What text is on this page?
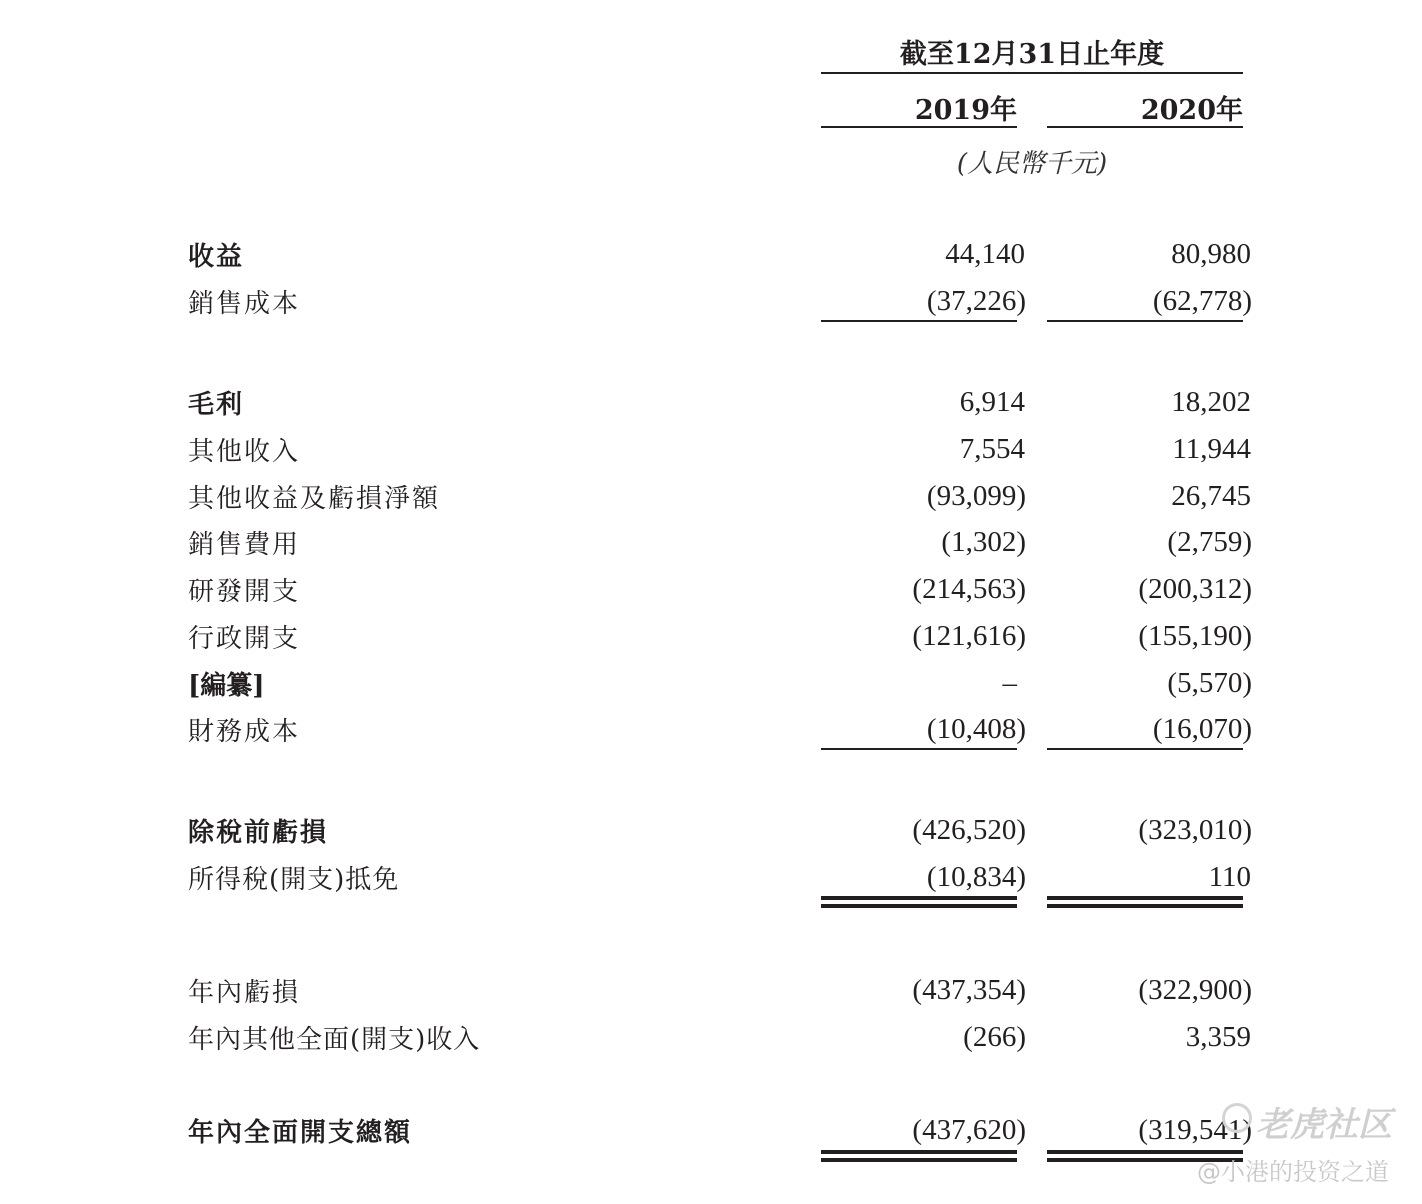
截至12月31日止年度
2019年	2020年
(人民幣千元)
收益	44,140	80,980
銷售成本	(37,226)	(62,778)
毛利	6,914	18,202
其他收入	7,554	11,944
其他收益及虧損淨額	(93,099)	26,745
銷售費用	(1,302)	(2,759)
研發開支	(214,563)	(200,312)
行政開支	(121,616)	(155,190)
[編纂]	–	(5,570)
財務成本	(10,408)	(16,070)
除稅前虧損	(426,520)	(323,010)
所得稅(開支)抵免	(10,834)	110
年內虧損	(437,354)	(322,900)
年內其他全面(開支)收入	(266)	3,359
年內全面開支總額	(437,620)	(319,541) 老虎社区
@小港的投资之道
